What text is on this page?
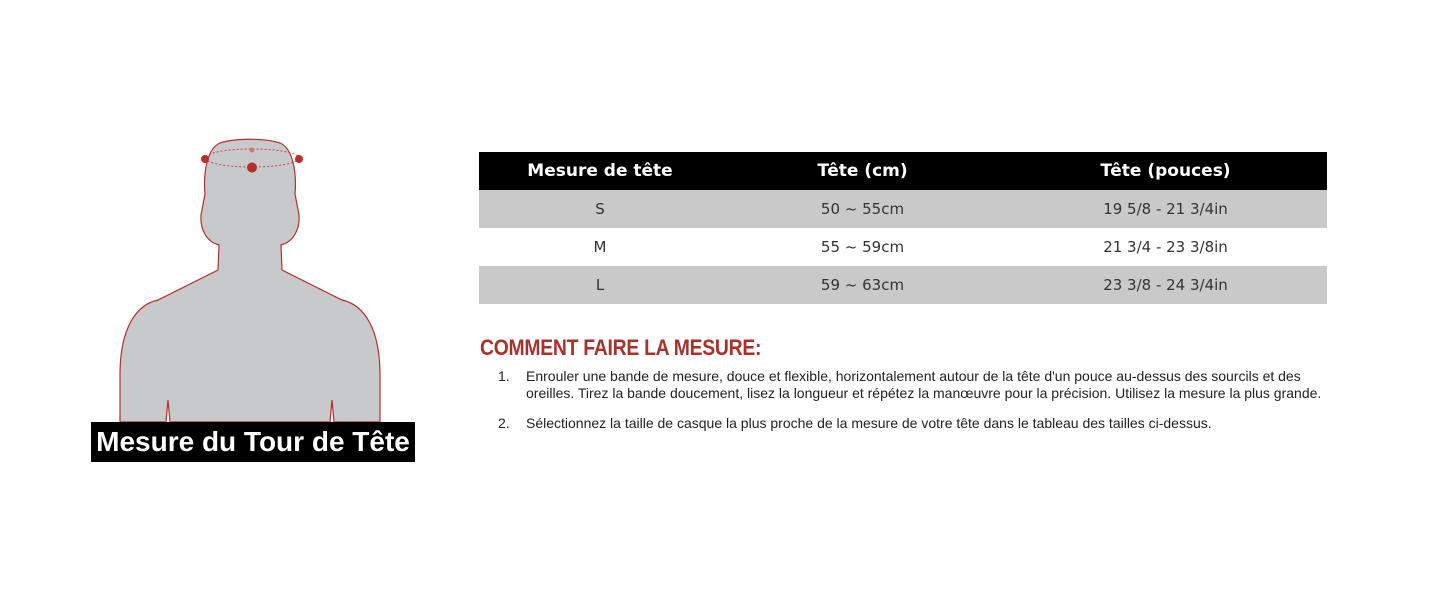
Mesure du Tour de Tête
Mesure de tête	Tête (cm)	Tête (pouces)
S	50 ~ 55cm	19 5/8 - 21 3/4in
M	55 ~ 59cm	21 3/4 - 23 3/8in
L	59 ~ 63cm	23 3/8 - 24 3/4in
COMMENT FAIRE LA MESURE:
1.	Enrouler une bande de mesure, douce et flexible, horizontalement autour de la tête d'un pouce au-dessus des sourcils et des oreilles. Tirez la bande doucement, lisez la longueur et répétez la manœuvre pour la précision. Utilisez la mesure la plus grande.
2.	Sélectionnez la taille de casque la plus proche de la mesure de votre tête dans le tableau des tailles ci-dessus.
